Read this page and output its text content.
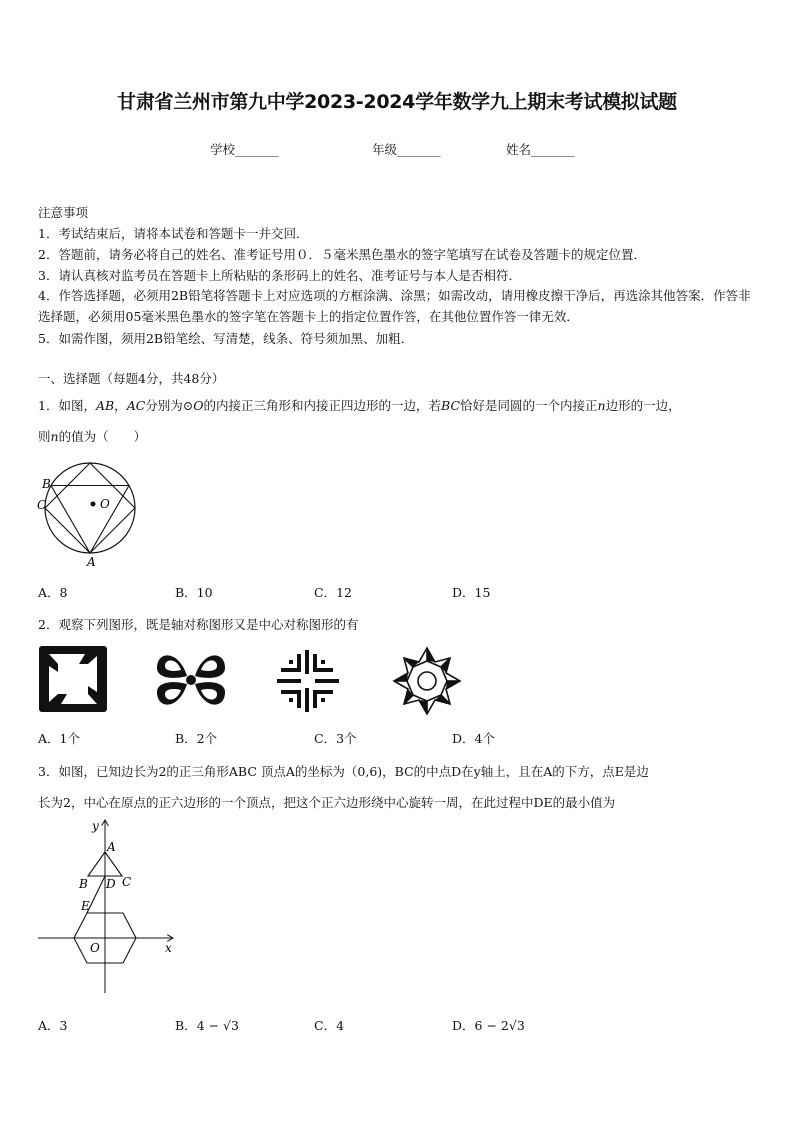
甘肃省兰州市第九中学2023-2024学年数学九上期末考试模拟试题
学校_______	年级_______	姓名_______
注意事项
1．考试结束后，请将本试卷和答题卡一并交回．
2．答题前，请务必将自己的姓名、准考证号用０．５毫米黑色墨水的签字笔填写在试卷及答题卡的规定位置．
3．请认真核对监考员在答题卡上所粘贴的条形码上的姓名、准考证号与本人是否相符．
4．作答选择题，必须用2B铅笔将答题卡上对应选项的方框涂满、涂黑；如需改动，请用橡皮擦干净后，再选涂其他答案．作答非选择题，必须用05毫米黑色墨水的签字笔在答题卡上的指定位置作答，在其他位置作答一律无效．
5．如需作图，须用2B铅笔绘、写清楚，线条、符号须加黑、加粗．
一、选择题（每题4分，共48分）
1．如图，AB，AC分别为⊙O的内接正三角形和内接正四边形的一边，若BC恰好是同圆的一个内接正n边形的一边，
则n的值为（　　）
O
B
C
A
A．8	B．10	C．12	D．15
2．观察下列图形，既是轴对称图形又是中心对称图形的有
A．1个	B．2个	C．3个	D．4个
3．如图，已知边长为2的正三角形ABC 顶点A的坐标为（0,6)，BC的中点D在y轴上，且在A的下方，点E是边
长为2，中心在原点的正六边形的一个顶点，把这个正六边形绕中心旋转一周，在此过程中DE的最小值为
y
x
A
B D C
E
O
A．3	B．4 − √3	C．4	D．6 − 2√3
